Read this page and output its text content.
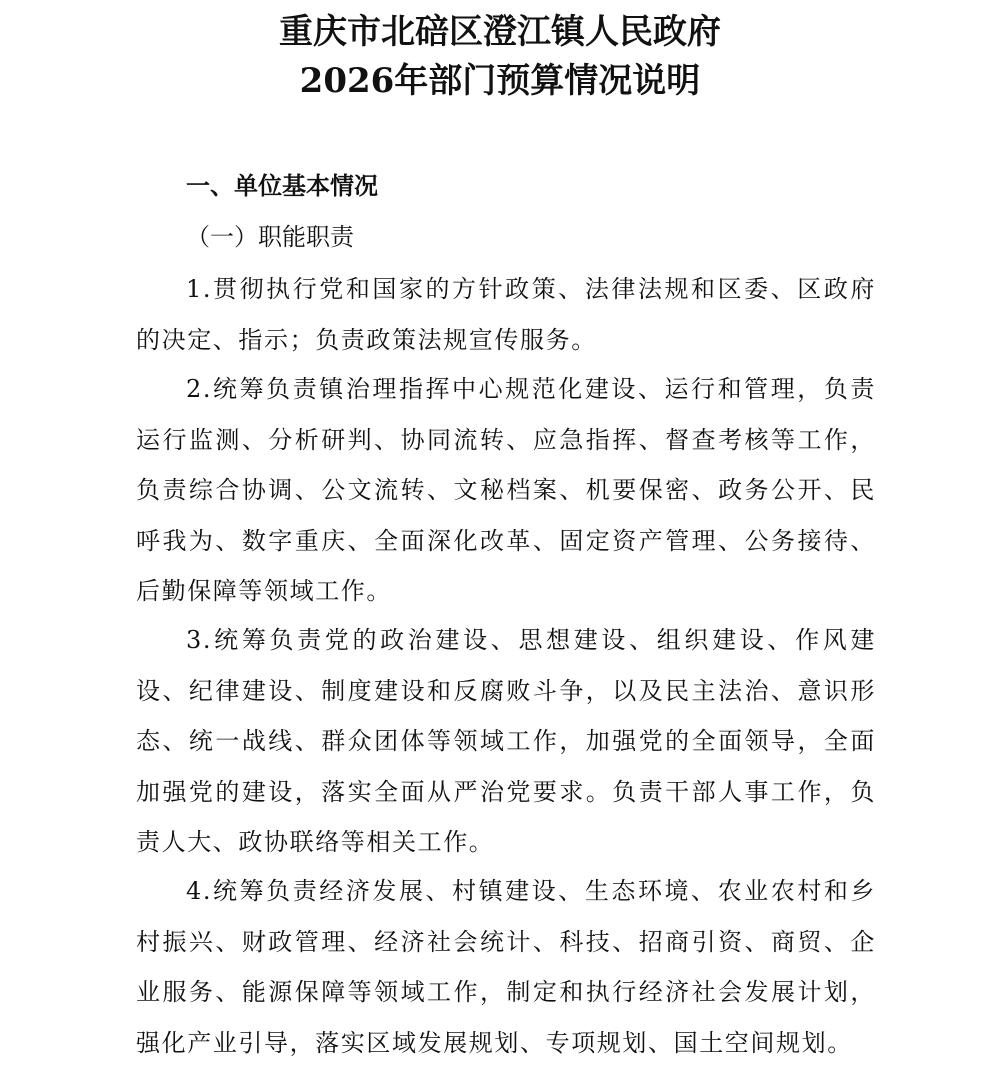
重庆市北碚区澄江镇人民政府
2026年部门预算情况说明
一、单位基本情况
（一）职能职责

1.贯彻执行党和国家的方针政策、法律法规和区委、区政府的决定、指示；负责政策法规宣传服务。

2.统筹负责镇治理指挥中心规范化建设、运行和管理，负责运行监测、分析研判、协同流转、应急指挥、督查考核等工作，负责综合协调、公文流转、文秘档案、机要保密、政务公开、民呼我为、数字重庆、全面深化改革、固定资产管理、公务接待、后勤保障等领域工作。

3.统筹负责党的政治建设、思想建设、组织建设、作风建设、纪律建设、制度建设和反腐败斗争，以及民主法治、意识形态、统一战线、群众团体等领域工作，加强党的全面领导，全面加强党的建设，落实全面从严治党要求。负责干部人事工作，负责人大、政协联络等相关工作。

4.统筹负责经济发展、村镇建设、生态环境、农业农村和乡村振兴、财政管理、经济社会统计、科技、招商引资、商贸、企业服务、能源保障等领域工作，制定和执行经济社会发展计划，强化产业引导，落实区域发展规划、专项规划、国土空间规划。
